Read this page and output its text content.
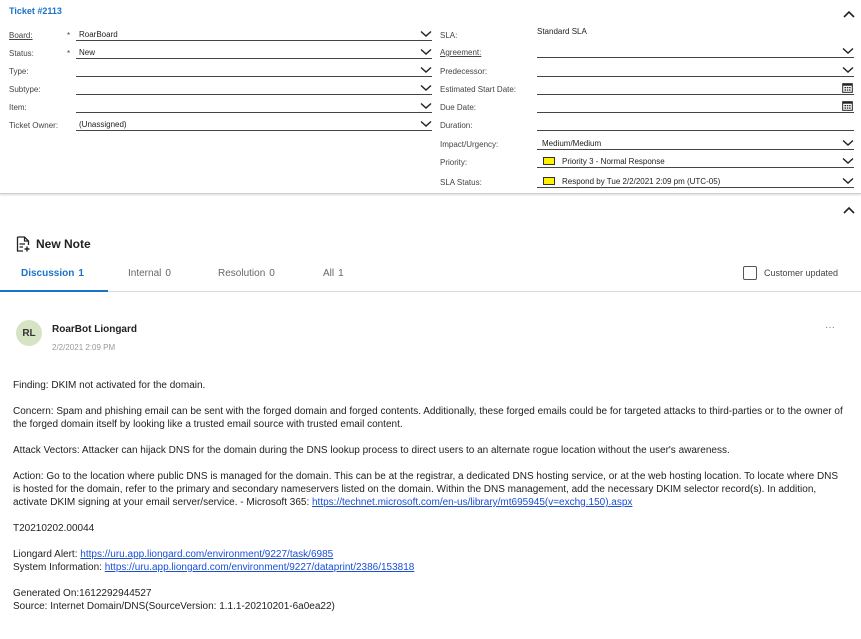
Ticket #2113
Board:	* RoarBoard
Status:	* New
Type:
Subtype:
Item:
Ticket Owner:	(Unassigned)
SLA:	Standard SLA
Agreement:
Predecessor:
Estimated Start Date:
Due Date:
Duration:
Impact/Urgency:	Medium/Medium
Priority:	Priority 3 - Normal Response
SLA Status:	Respond by Tue 2/2/2021 2:09 pm (UTC-05)
New Note
Discussion 1	Internal 0	Resolution 0	All 1	Customer updated
RL	RoarBot Liongard
2/2/2021 2:09 PM
···

Finding: DKIM not activated for the domain.

Concern: Spam and phishing email can be sent with the forged domain and forged contents. Additionally, these forged emails could be for targeted attacks to third-parties or to the owner of the forged domain itself by looking like a trusted email source with trusted email content.

Attack Vectors: Attacker can hijack DNS for the domain during the DNS lookup process to direct users to an alternate rogue location without the user's awareness.

Action: Go to the location where public DNS is managed for the domain. This can be at the registrar, a dedicated DNS hosting service, or at the web hosting location. To locate where DNS is hosted for the domain, refer to the primary and secondary nameservers listed on the domain. Within the DNS management, add the necessary DKIM selector record(s). In addition, activate DKIM signing at your email server/service. - Microsoft 365: https://technet.microsoft.com/en-us/library/mt695945(v=exchg.150).aspx

T20210202.00044

Liongard Alert: https://uru.app.liongard.com/environment/9227/task/6985

System Information: https://uru.app.liongard.com/environment/9227/dataprint/2386/153818

Generated On:1612292944527

Source: Internet Domain/DNS(SourceVersion: 1.1.1-20210201-6a0ea22)
